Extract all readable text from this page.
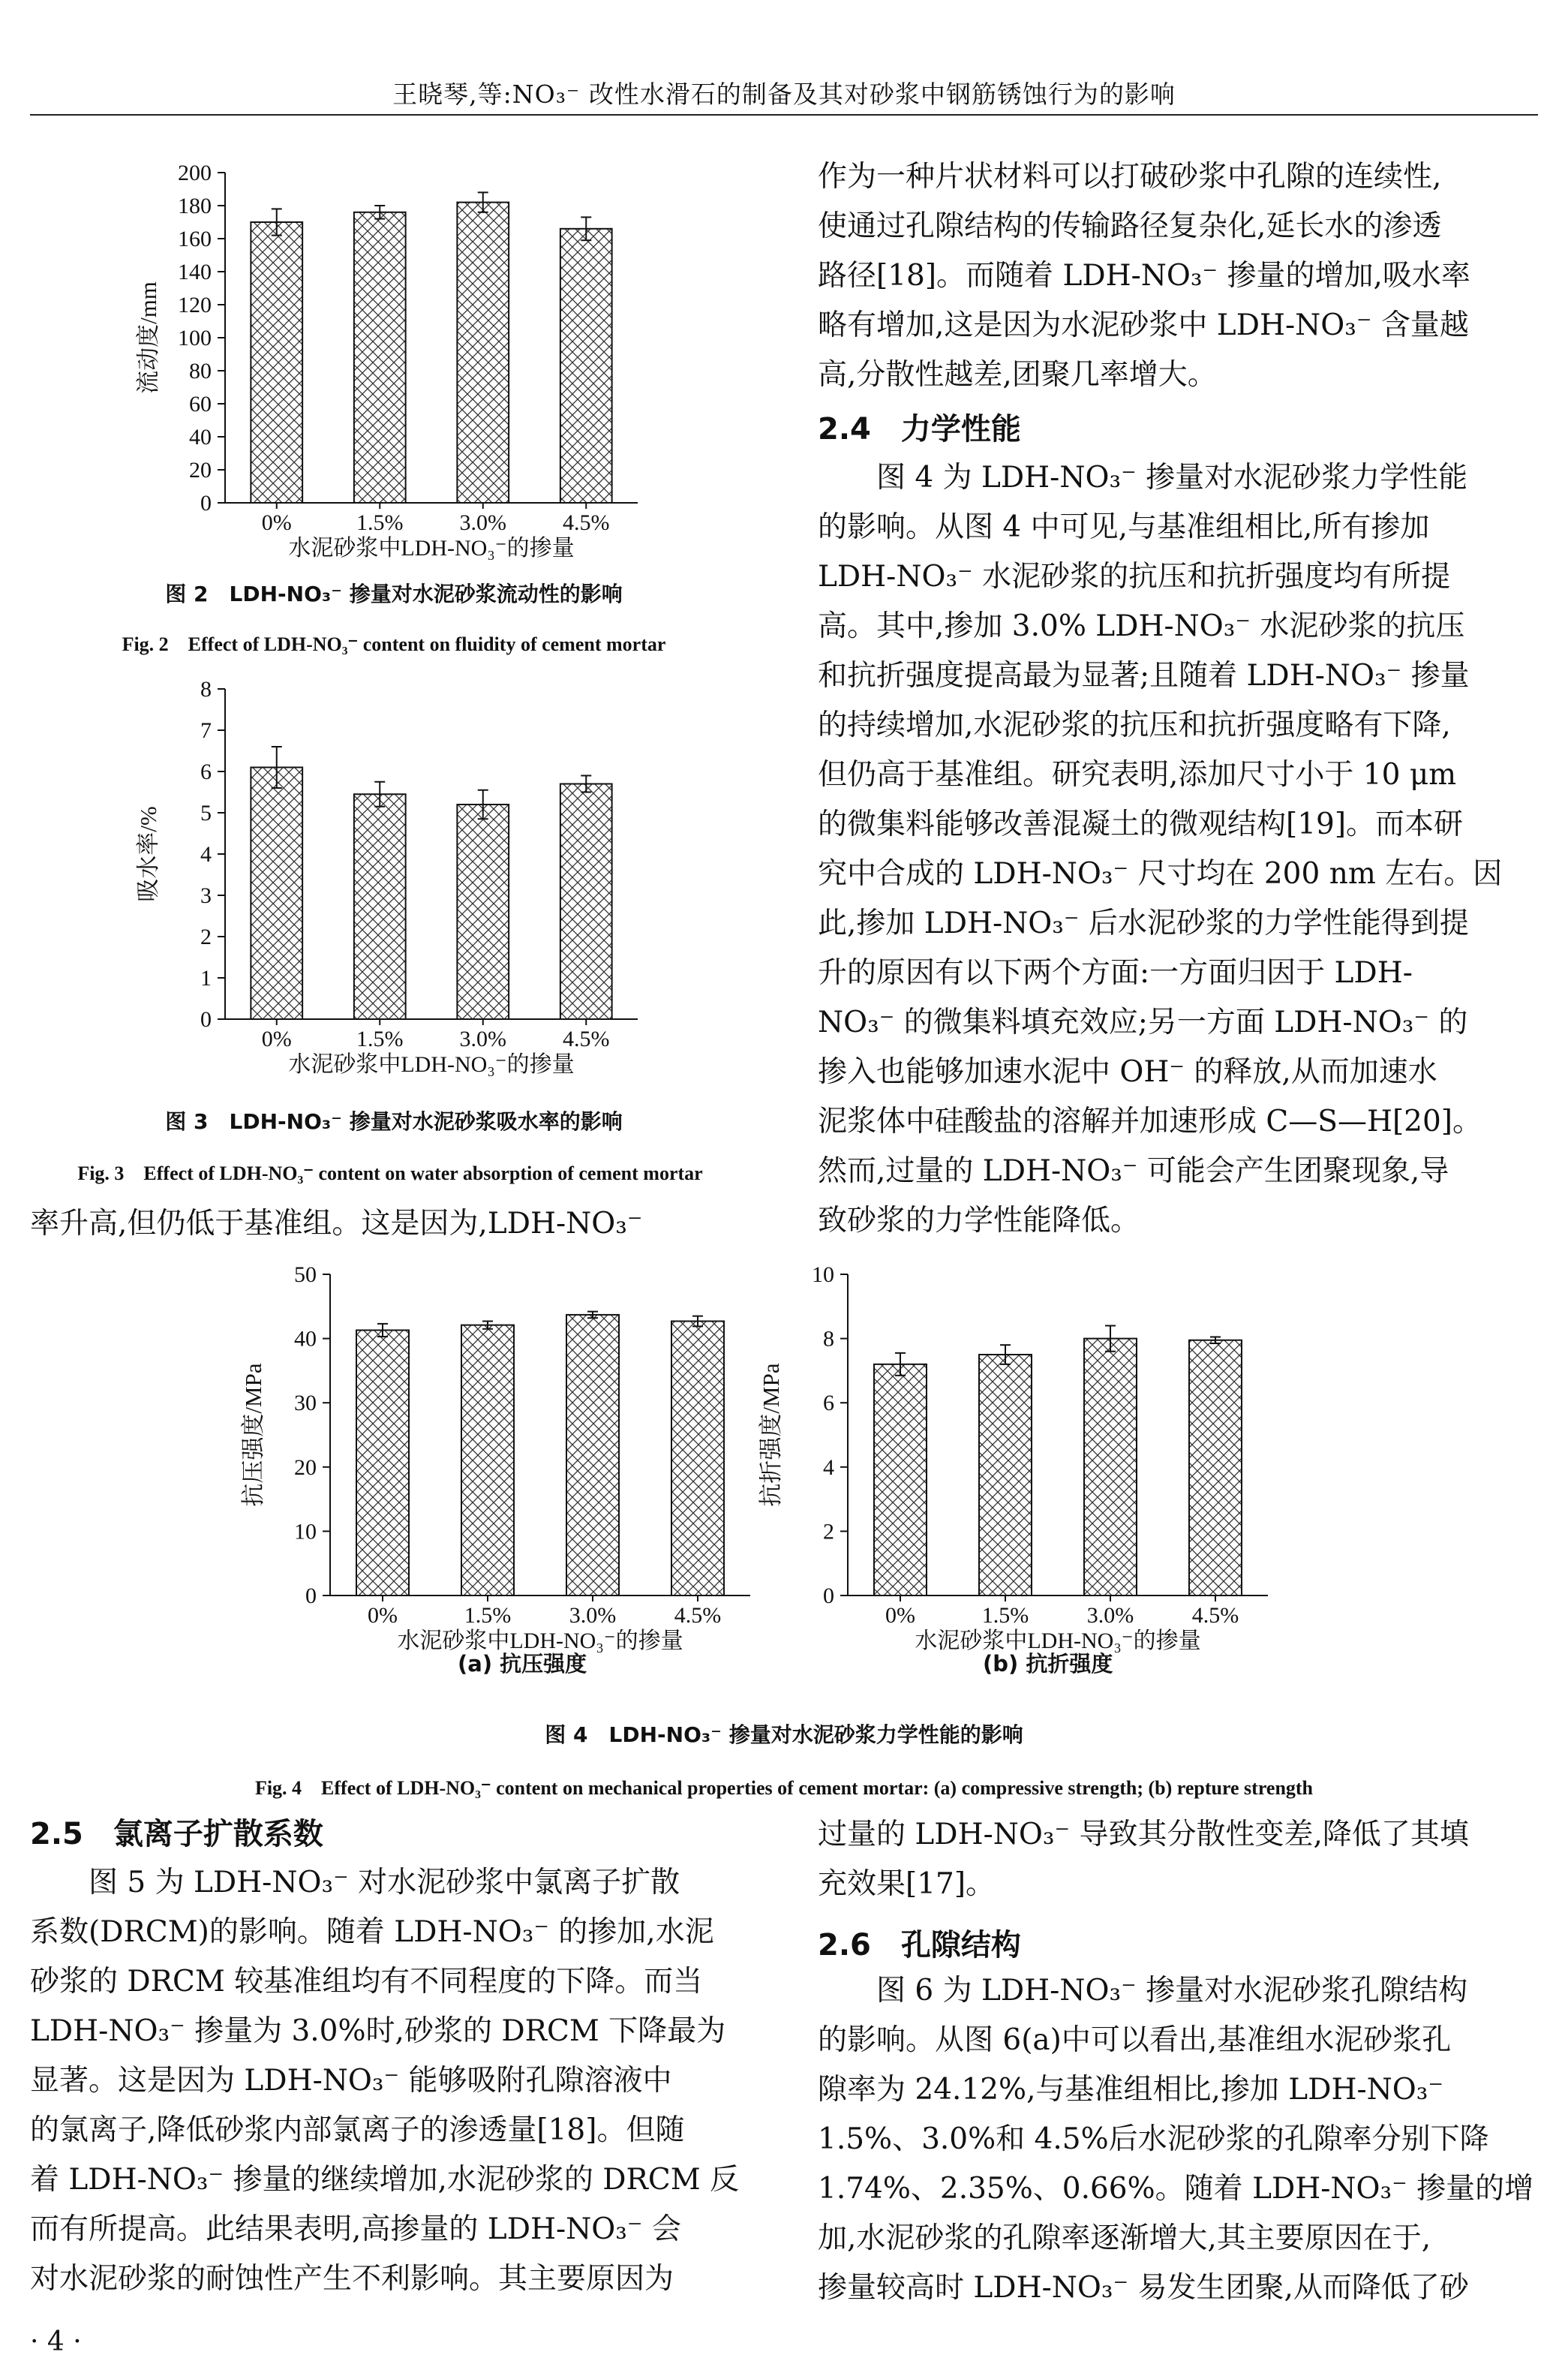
王晓琴,等:NO₃⁻ 改性水滑石的制备及其对砂浆中钢筋锈蚀行为的影响
0
20
40
60
80
100
120
140
160
180
200
0%	1.5%	3.0%	4.5%
水泥砂浆中LDH-NO₃⁻的掺量
流动度/mm
图 2　LDH-NO₃⁻ 掺量对水泥砂浆流动性的影响
Fig. 2　Effect of LDH-NO₃⁻ content on fluidity of cement mortar
0
1
2
3
4
5
6
7
8
0%	1.5%	3.0%	4.5%
水泥砂浆中LDH-NO₃⁻的掺量
吸水率/%
图 3　LDH-NO₃⁻ 掺量对水泥砂浆吸水率的影响
Fig. 3　Effect of LDH-NO₃⁻ content on water absorption of cement mortar
率升高,但仍低于基准组。这是因为,LDH-NO₃⁻
0
10
20
30
40
50
0%	1.5%	3.0%	4.5%
水泥砂浆中LDH-NO₃⁻的掺量
抗压强度/MPa
0
2
4
6
8
10
0%	1.5%	3.0%	4.5%
水泥砂浆中LDH-NO₃⁻的掺量
抗折强度/MPa
(a) 抗压强度	(b) 抗折强度
图 4　LDH-NO₃⁻ 掺量对水泥砂浆力学性能的影响
Fig. 4　Effect of LDH-NO₃⁻ content on mechanical properties of cement mortar: (a) compressive strength; (b) repture strength
作为一种片状材料可以打破砂浆中孔隙的连续性,
使通过孔隙结构的传输路径复杂化,延长水的渗透
路径[18]。而随着 LDH-NO₃⁻ 掺量的增加,吸水率
略有增加,这是因为水泥砂浆中 LDH-NO₃⁻ 含量越
高,分散性越差,团聚几率增大。
2.4　力学性能
图 4 为 LDH-NO₃⁻ 掺量对水泥砂浆力学性能
的影响。从图 4 中可见,与基准组相比,所有掺加
LDH-NO₃⁻ 水泥砂浆的抗压和抗折强度均有所提
高。其中,掺加 3.0% LDH-NO₃⁻ 水泥砂浆的抗压
和抗折强度提高最为显著;且随着 LDH-NO₃⁻ 掺量
的持续增加,水泥砂浆的抗压和抗折强度略有下降,
但仍高于基准组。研究表明,添加尺寸小于 10 μm
的微集料能够改善混凝土的微观结构[19]。而本研
究中合成的 LDH-NO₃⁻ 尺寸均在 200 nm 左右。因
此,掺加 LDH-NO₃⁻ 后水泥砂浆的力学性能得到提
升的原因有以下两个方面:一方面归因于 LDH-
NO₃⁻ 的微集料填充效应;另一方面 LDH-NO₃⁻ 的
掺入也能够加速水泥中 OH⁻ 的释放,从而加速水
泥浆体中硅酸盐的溶解并加速形成 C—S—H[20]。
然而,过量的 LDH-NO₃⁻ 可能会产生团聚现象,导
致砂浆的力学性能降低。
2.5　氯离子扩散系数
图 5 为 LDH-NO₃⁻ 对水泥砂浆中氯离子扩散
系数(DRCM)的影响。随着 LDH-NO₃⁻ 的掺加,水泥
砂浆的 DRCM 较基准组均有不同程度的下降。而当
LDH-NO₃⁻ 掺量为 3.0%时,砂浆的 DRCM 下降最为
显著。这是因为 LDH-NO₃⁻ 能够吸附孔隙溶液中
的氯离子,降低砂浆内部氯离子的渗透量[18]。但随
着 LDH-NO₃⁻ 掺量的继续增加,水泥砂浆的 DRCM 反
而有所提高。此结果表明,高掺量的 LDH-NO₃⁻ 会
对水泥砂浆的耐蚀性产生不利影响。其主要原因为
过量的 LDH-NO₃⁻ 导致其分散性变差,降低了其填
充效果[17]。
2.6　孔隙结构
图 6 为 LDH-NO₃⁻ 掺量对水泥砂浆孔隙结构
的影响。从图 6(a)中可以看出,基准组水泥砂浆孔
隙率为 24.12%,与基准组相比,掺加 LDH-NO₃⁻
1.5%、3.0%和 4.5%后水泥砂浆的孔隙率分别下降
1.74%、2.35%、0.66%。随着 LDH-NO₃⁻ 掺量的增
加,水泥砂浆的孔隙率逐渐增大,其主要原因在于,
掺量较高时 LDH-NO₃⁻ 易发生团聚,从而降低了砂
· 4 ·
